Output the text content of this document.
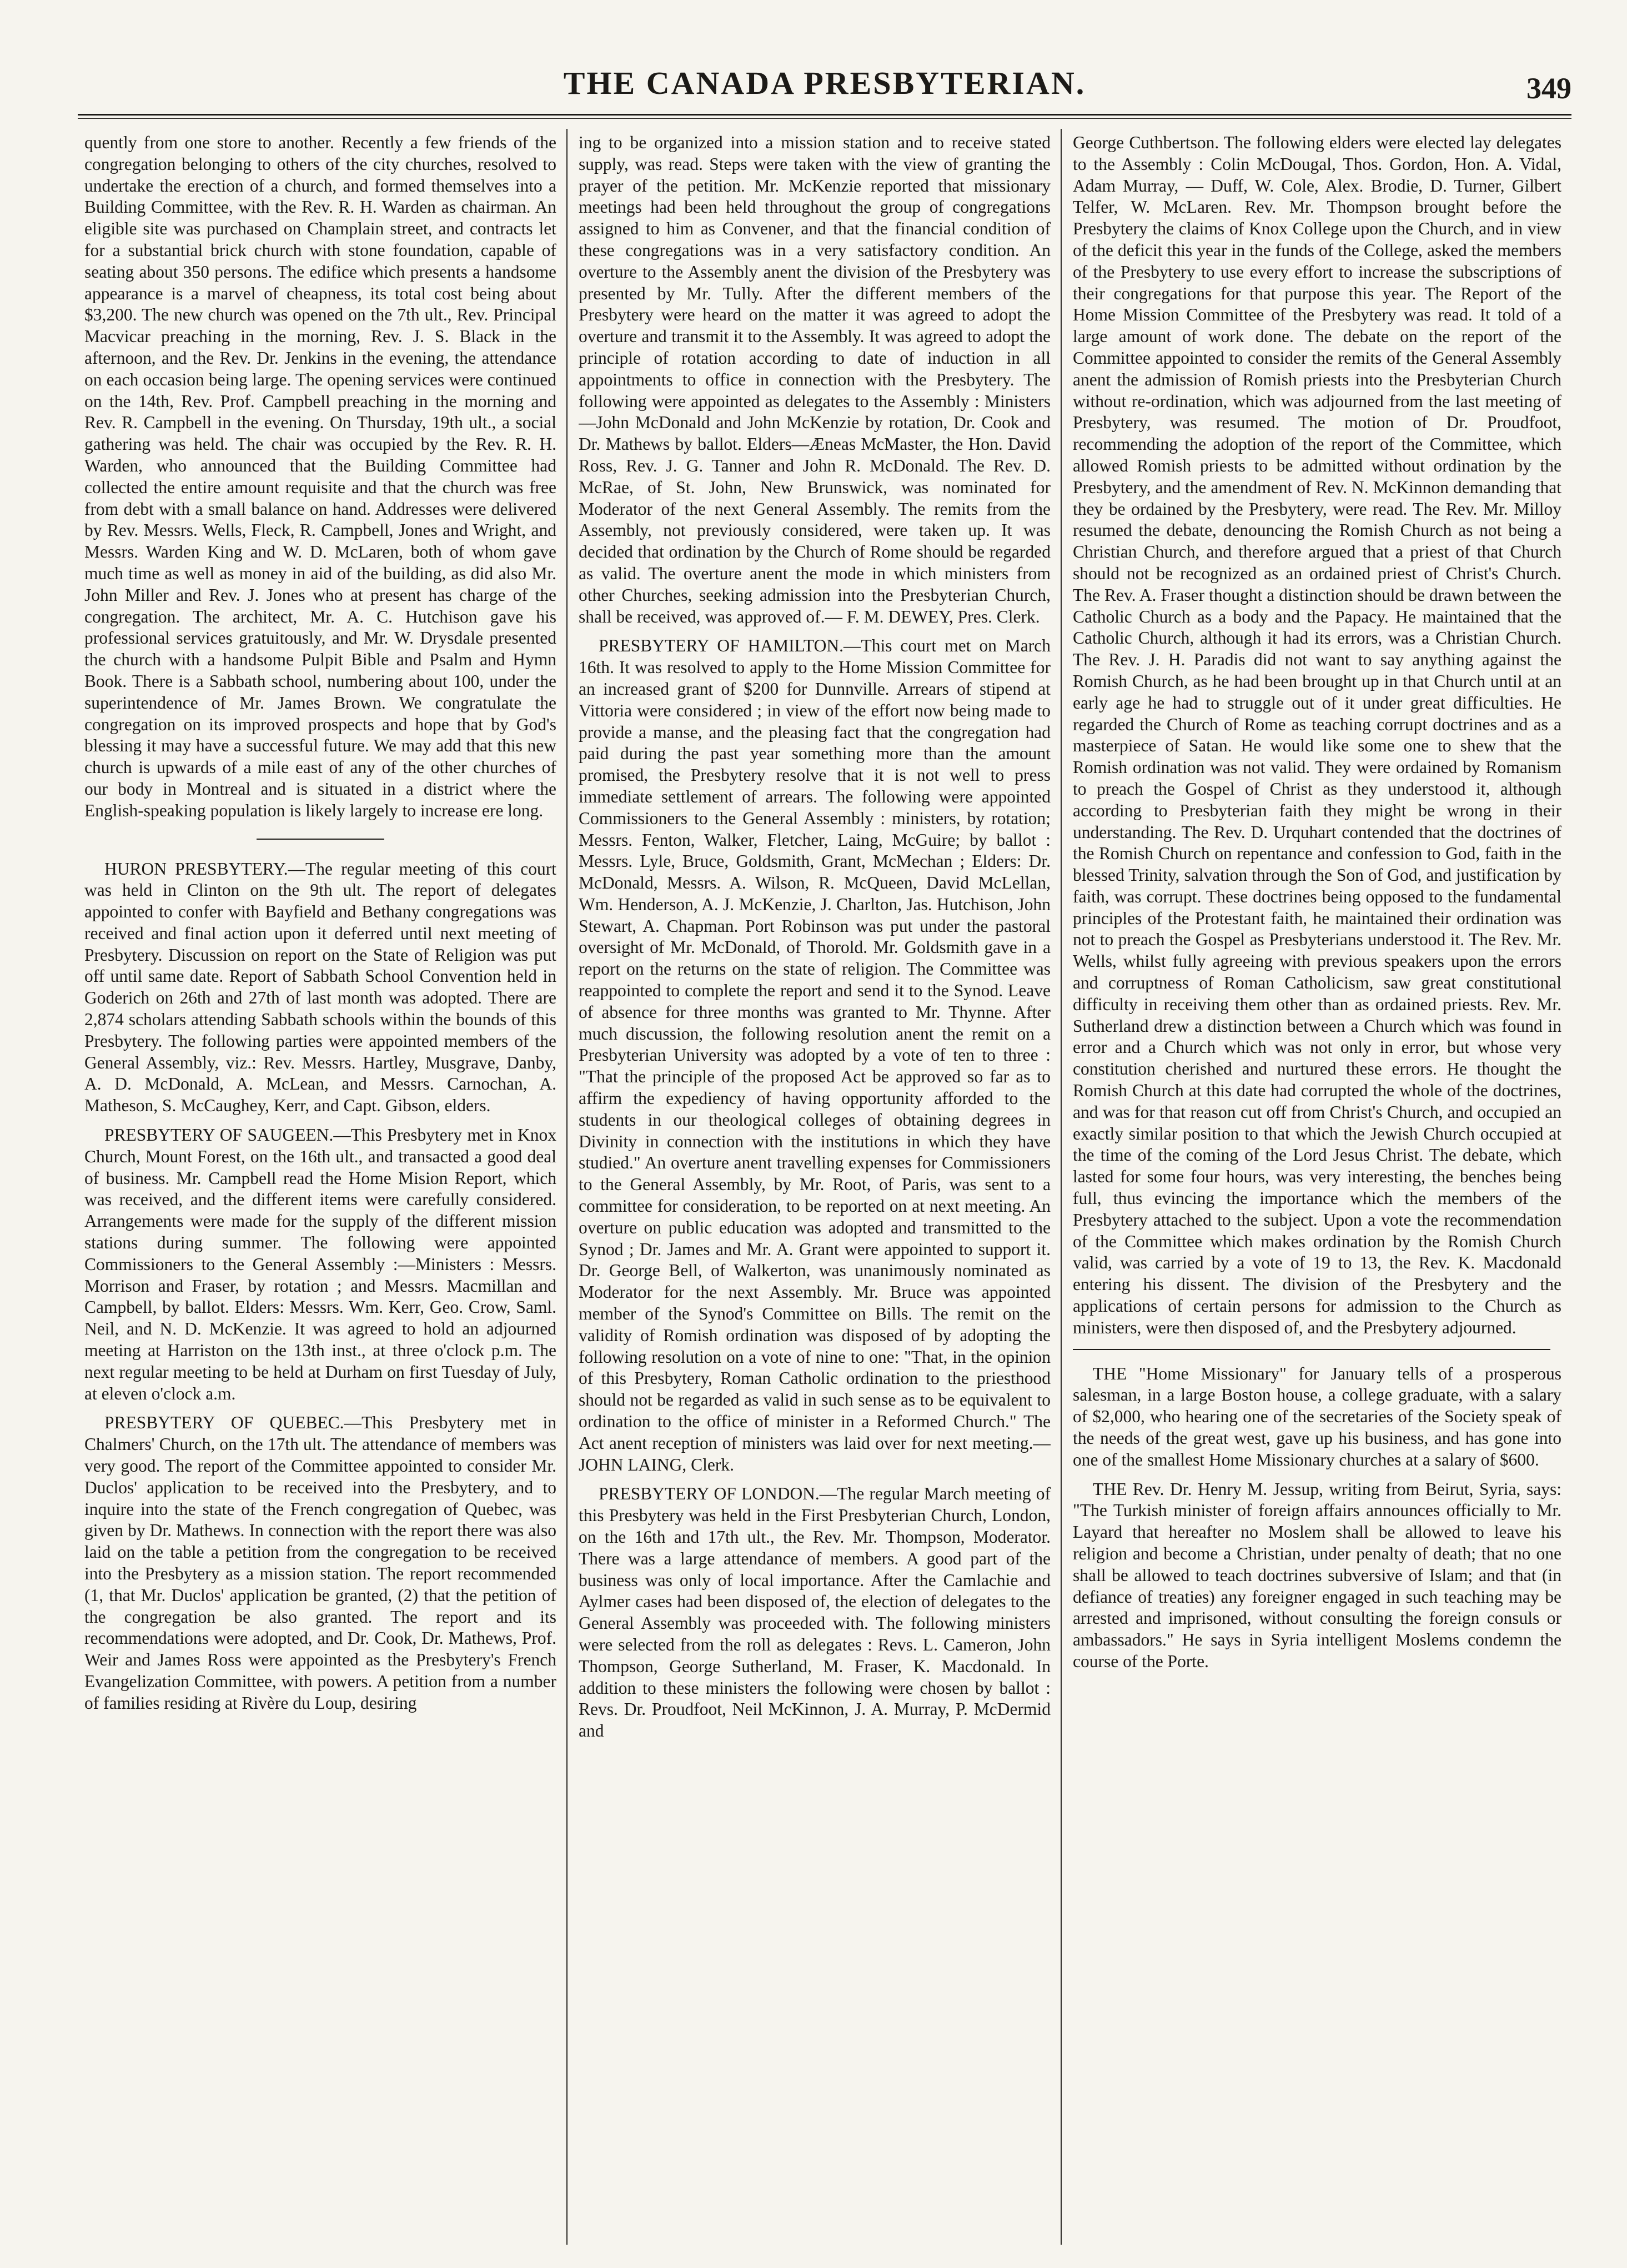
THE CANADA PRESBYTERIAN.	349

quently from one store to another. Recently a few friends of the congregation belonging to others of the city churches, resolved to undertake the erection of a church, and formed themselves into a Building Committee, with the Rev. R. H. Warden as chairman. An eligible site was purchased on Champlain street, and contracts let for a substantial brick church with stone foundation, capable of seating about 350 persons. The edifice which presents a handsome appearance is a marvel of cheapness, its total cost being about $3,200. The new church was opened on the 7th ult., Rev. Principal Macvicar preaching in the morning, Rev. J. S. Black in the afternoon, and the Rev. Dr. Jenkins in the evening, the attendance on each occasion being large. The opening services were continued on the 14th, Rev. Prof. Campbell preaching in the morning and Rev. R. Campbell in the evening. On Thursday, 19th ult., a social gathering was held. The chair was occupied by the Rev. R. H. Warden, who announced that the Building Committee had collected the entire amount requisite and that the church was free from debt with a small balance on hand. Addresses were delivered by Rev. Messrs. Wells, Fleck, R. Campbell, Jones and Wright, and Messrs. Warden King and W. D. McLaren, both of whom gave much time as well as money in aid of the building, as did also Mr. John Miller and Rev. J. Jones who at present has charge of the congregation. The architect, Mr. A. C. Hutchison gave his professional services gratuitously, and Mr. W. Drysdale presented the church with a handsome Pulpit Bible and Psalm and Hymn Book. There is a Sabbath school, numbering about 100, under the superintendence of Mr. James Brown. We congratulate the congregation on its improved prospects and hope that by God's blessing it may have a successful future. We may add that this new church is upwards of a mile east of any of the other churches of our body in Montreal and is situated in a district where the English-speaking population is likely largely to increase ere long.

HURON PRESBYTERY.—The regular meeting of this court was held in Clinton on the 9th ult. The report of delegates appointed to confer with Bayfield and Bethany congregations was received and final action upon it deferred until next meeting of Presbytery. Discussion on report on the State of Religion was put off until same date. Report of Sabbath School Convention held in Goderich on 26th and 27th of last month was adopted. There are 2,874 scholars attending Sabbath schools within the bounds of this Presbytery. The following parties were appointed members of the General Assembly, viz.: Rev. Messrs. Hartley, Musgrave, Danby, A. D. McDonald, A. McLean, and Messrs. Carnochan, A. Matheson, S. McCaughey, Kerr, and Capt. Gibson, elders.

PRESBYTERY OF SAUGEEN.—This Presbytery met in Knox Church, Mount Forest, on the 16th ult., and transacted a good deal of business. Mr. Campbell read the Home Mision Report, which was received, and the different items were carefully considered. Arrangements were made for the supply of the different mission stations during summer. The following were appointed Commissioners to the General Assembly :—Ministers : Messrs. Morrison and Fraser, by rotation ; and Messrs. Macmillan and Campbell, by ballot. Elders: Messrs. Wm. Kerr, Geo. Crow, Saml. Neil, and N. D. McKenzie. It was agreed to hold an adjourned meeting at Harriston on the 13th inst., at three o'clock p.m. The next regular meeting to be held at Durham on first Tuesday of July, at eleven o'clock a.m.

PRESBYTERY OF QUEBEC.—This Presbytery met in Chalmers' Church, on the 17th ult. The attendance of members was very good. The report of the Committee appointed to consider Mr. Duclos' application to be received into the Presbytery, and to inquire into the state of the French congregation of Quebec, was given by Dr. Mathews. In connection with the report there was also laid on the table a petition from the congregation to be received into the Presbytery as a mission station. The report recommended (1, that Mr. Duclos' application be granted, (2) that the petition of the congregation be also granted. The report and its recommendations were adopted, and Dr. Cook, Dr. Mathews, Prof. Weir and James Ross were appointed as the Presbytery's French Evangelization Committee, with powers. A petition from a number of families residing at Rivère du Loup, desiring

ing to be organized into a mission station and to receive stated supply, was read. Steps were taken with the view of granting the prayer of the petition. Mr. McKenzie reported that missionary meetings had been held throughout the group of congregations assigned to him as Convener, and that the financial condition of these congregations was in a very satisfactory condition. An overture to the Assembly anent the division of the Presbytery was presented by Mr. Tully. After the different members of the Presbytery were heard on the matter it was agreed to adopt the overture and transmit it to the Assembly. It was agreed to adopt the principle of rotation according to date of induction in all appointments to office in connection with the Presbytery. The following were appointed as delegates to the Assembly : Ministers—John McDonald and John McKenzie by rotation, Dr. Cook and Dr. Mathews by ballot. Elders—Æneas McMaster, the Hon. David Ross, Rev. J. G. Tanner and John R. McDonald. The Rev. D. McRae, of St. John, New Brunswick, was nominated for Moderator of the next General Assembly. The remits from the Assembly, not previously considered, were taken up. It was decided that ordination by the Church of Rome should be regarded as valid. The overture anent the mode in which ministers from other Churches, seeking admission into the Presbyterian Church, shall be received, was approved of.— F. M. DEWEY, Pres. Clerk.

PRESBYTERY OF HAMILTON.—This court met on March 16th. It was resolved to apply to the Home Mission Committee for an increased grant of $200 for Dunnville. Arrears of stipend at Vittoria were considered ; in view of the effort now being made to provide a manse, and the pleasing fact that the congregation had paid during the past year something more than the amount promised, the Presbytery resolve that it is not well to press immediate settlement of arrears. The following were appointed Commissioners to the General Assembly : ministers, by rotation; Messrs. Fenton, Walker, Fletcher, Laing, McGuire; by ballot : Messrs. Lyle, Bruce, Goldsmith, Grant, McMechan ; Elders: Dr. McDonald, Messrs. A. Wilson, R. McQueen, David McLellan, Wm. Henderson, A. J. McKenzie, J. Charlton, Jas. Hutchison, John Stewart, A. Chapman. Port Robinson was put under the pastoral oversight of Mr. McDonald, of Thorold. Mr. Goldsmith gave in a report on the returns on the state of religion. The Committee was reappointed to complete the report and send it to the Synod. Leave of absence for three months was granted to Mr. Thynne. After much discussion, the following resolution anent the remit on a Presbyterian University was adopted by a vote of ten to three : "That the principle of the proposed Act be approved so far as to affirm the expediency of having opportunity afforded to the students in our theological colleges of obtaining degrees in Divinity in connection with the institutions in which they have studied." An overture anent travelling expenses for Commissioners to the General Assembly, by Mr. Root, of Paris, was sent to a committee for consideration, to be reported on at next meeting. An overture on public education was adopted and transmitted to the Synod ; Dr. James and Mr. A. Grant were appointed to support it. Dr. George Bell, of Walkerton, was unanimously nominated as Moderator for the next Assembly. Mr. Bruce was appointed member of the Synod's Committee on Bills. The remit on the validity of Romish ordination was disposed of by adopting the following resolution on a vote of nine to one: "That, in the opinion of this Presbytery, Roman Catholic ordination to the priesthood should not be regarded as valid in such sense as to be equivalent to ordination to the office of minister in a Reformed Church." The Act anent reception of ministers was laid over for next meeting.— JOHN LAING, Clerk.

PRESBYTERY OF LONDON.—The regular March meeting of this Presbytery was held in the First Presbyterian Church, London, on the 16th and 17th ult., the Rev. Mr. Thompson, Moderator. There was a large attendance of members. A good part of the business was only of local importance. After the Camlachie and Aylmer cases had been disposed of, the election of delegates to the General Assembly was proceeded with. The following ministers were selected from the roll as delegates : Revs. L. Cameron, John Thompson, George Sutherland, M. Fraser, K. Macdonald. In addition to these ministers the following were chosen by ballot : Revs. Dr. Proudfoot, Neil McKinnon, J. A. Murray, P. McDermid and

George Cuthbertson. The following elders were elected lay delegates to the Assembly : Colin McDougal, Thos. Gordon, Hon. A. Vidal, Adam Murray, — Duff, W. Cole, Alex. Brodie, D. Turner, Gilbert Telfer, W. McLaren. Rev. Mr. Thompson brought before the Presbytery the claims of Knox College upon the Church, and in view of the deficit this year in the funds of the College, asked the members of the Presbytery to use every effort to increase the subscriptions of their congregations for that purpose this year. The Report of the Home Mission Committee of the Presbytery was read. It told of a large amount of work done. The debate on the report of the Committee appointed to consider the remits of the General Assembly anent the admission of Romish priests into the Presbyterian Church without re-ordination, which was adjourned from the last meeting of Presbytery, was resumed. The motion of Dr. Proudfoot, recommending the adoption of the report of the Committee, which allowed Romish priests to be admitted without ordination by the Presbytery, and the amendment of Rev. N. McKinnon demanding that they be ordained by the Presbytery, were read. The Rev. Mr. Milloy resumed the debate, denouncing the Romish Church as not being a Christian Church, and therefore argued that a priest of that Church should not be recognized as an ordained priest of Christ's Church. The Rev. A. Fraser thought a distinction should be drawn between the Catholic Church as a body and the Papacy. He maintained that the Catholic Church, although it had its errors, was a Christian Church. The Rev. J. H. Paradis did not want to say anything against the Romish Church, as he had been brought up in that Church until at an early age he had to struggle out of it under great difficulties. He regarded the Church of Rome as teaching corrupt doctrines and as a masterpiece of Satan. He would like some one to shew that the Romish ordination was not valid. They were ordained by Romanism to preach the Gospel of Christ as they understood it, although according to Presbyterian faith they might be wrong in their understanding. The Rev. D. Urquhart contended that the doctrines of the Romish Church on repentance and confession to God, faith in the blessed Trinity, salvation through the Son of God, and justification by faith, was corrupt. These doctrines being opposed to the fundamental principles of the Protestant faith, he maintained their ordination was not to preach the Gospel as Presbyterians understood it. The Rev. Mr. Wells, whilst fully agreeing with previous speakers upon the errors and corruptness of Roman Catholicism, saw great constitutional difficulty in receiving them other than as ordained priests. Rev. Mr. Sutherland drew a distinction between a Church which was found in error and a Church which was not only in error, but whose very constitution cherished and nurtured these errors. He thought the Romish Church at this date had corrupted the whole of the doctrines, and was for that reason cut off from Christ's Church, and occupied an exactly similar position to that which the Jewish Church occupied at the time of the coming of the Lord Jesus Christ. The debate, which lasted for some four hours, was very interesting, the benches being full, thus evincing the importance which the members of the Presbytery attached to the subject. Upon a vote the recommendation of the Committee which makes ordination by the Romish Church valid, was carried by a vote of 19 to 13, the Rev. K. Macdonald entering his dissent. The division of the Presbytery and the applications of certain persons for admission to the Church as ministers, were then disposed of, and the Presbytery adjourned.

THE "Home Missionary" for January tells of a prosperous salesman, in a large Boston house, a college graduate, with a salary of $2,000, who hearing one of the secretaries of the Society speak of the needs of the great west, gave up his business, and has gone into one of the smallest Home Missionary churches at a salary of $600.

THE Rev. Dr. Henry M. Jessup, writing from Beirut, Syria, says: "The Turkish minister of foreign affairs announces officially to Mr. Layard that hereafter no Moslem shall be allowed to leave his religion and become a Christian, under penalty of death; that no one shall be allowed to teach doctrines subversive of Islam; and that (in defiance of treaties) any foreigner engaged in such teaching may be arrested and imprisoned, without consulting the foreign consuls or ambassadors." He says in Syria intelligent Moslems condemn the course of the Porte.
